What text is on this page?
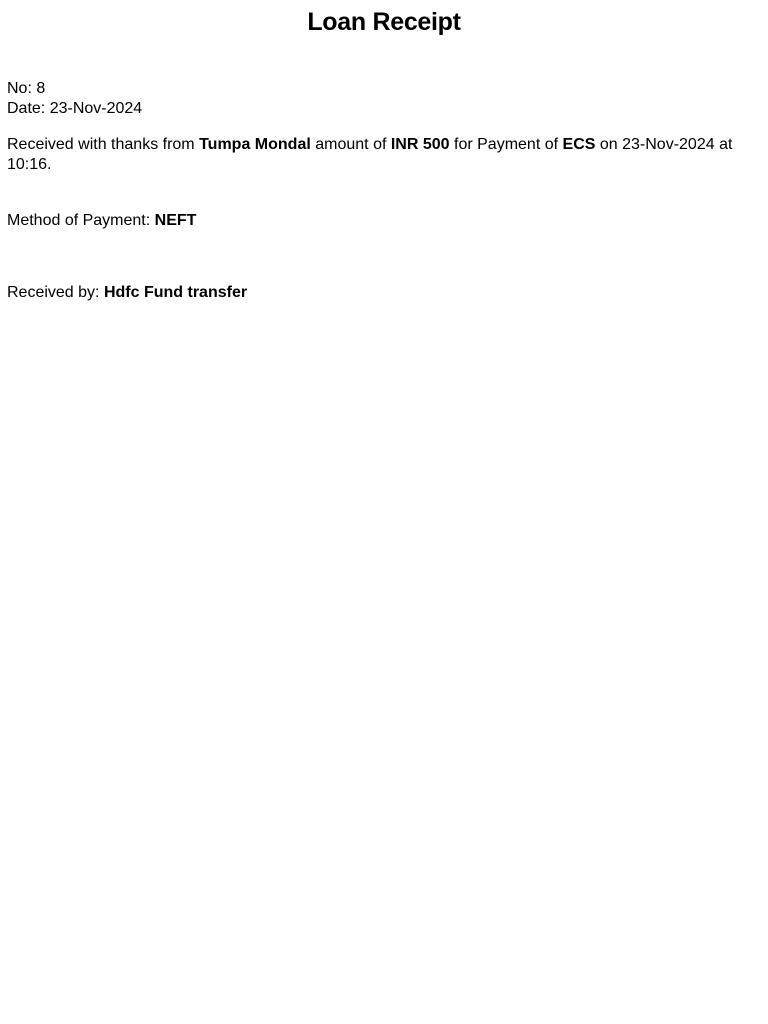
Loan Receipt
No: 8
Date: 23-Nov-2024
Received with thanks from Tumpa Mondal amount of INR 500 for Payment of ECS on 23-Nov-2024 at 10:16.
Method of Payment: NEFT
Received by: Hdfc Fund transfer
